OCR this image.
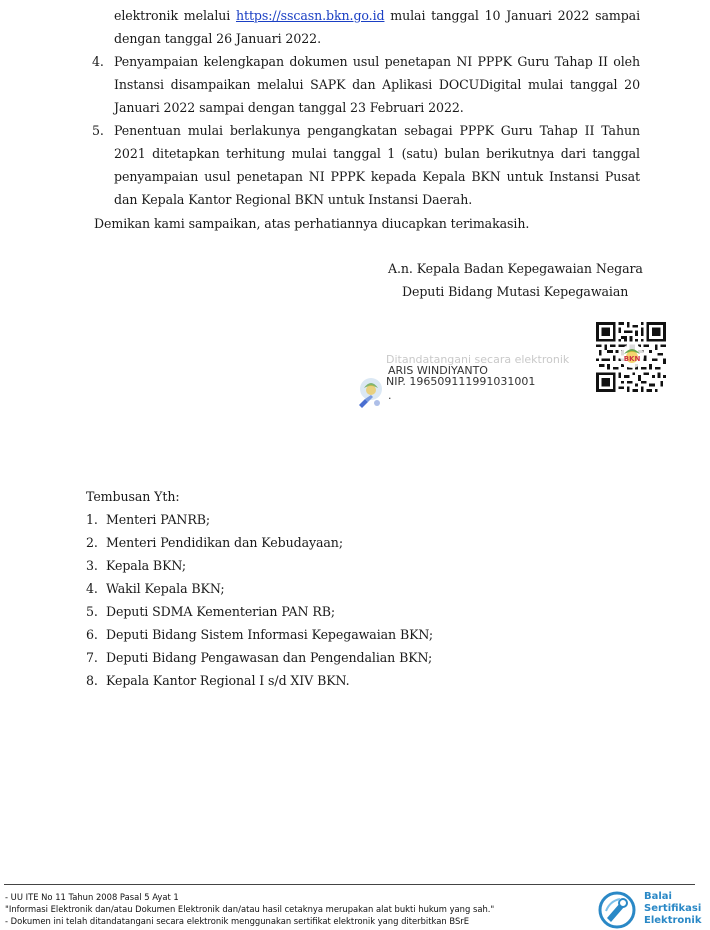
elektronik melalui https://sscasn.bkn.go.id mulai tanggal 10 Januari 2022 sampai
dengan tanggal 26 Januari 2022.
4. Penyampaian kelengkapan dokumen usul penetapan NI PPPK Guru Tahap II oleh
Instansi disampaikan melalui SAPK dan Aplikasi DOCUDigital mulai tanggal 20
Januari 2022 sampai dengan tanggal 23 Februari 2022.
5. Penentuan mulai berlakunya pengangkatan sebagai PPPK Guru Tahap II Tahun
2021 ditetapkan terhitung mulai tanggal 1 (satu) bulan berikutnya dari tanggal
penyampaian usul penetapan NI PPPK kepada Kepala BKN untuk Instansi Pusat
dan Kepala Kantor Regional BKN untuk Instansi Daerah.
Demikan kami sampaikan, atas perhatiannya diucapkan terimakasih.
A.n. Kepala Badan Kepegawaian Negara
Deputi Bidang Mutasi Kepegawaian
BKN
Ditandatangani secara elektronik
ARIS WINDIYANTO
NIP. 196509111991031001
.
Tembusan Yth:
1. Menteri PANRB;
2. Menteri Pendidikan dan Kebudayaan;
3. Kepala BKN;
4. Wakil Kepala BKN;
5. Deputi SDMA Kementerian PAN RB;
6. Deputi Bidang Sistem Informasi Kepegawaian BKN;
7. Deputi Bidang Pengawasan dan Pengendalian BKN;
8. Kepala Kantor Regional I s/d XIV BKN.
- UU ITE No 11 Tahun 2008 Pasal 5 Ayat 1
"Informasi Elektronik dan/atau Dokumen Elektronik dan/atau hasil cetaknya merupakan alat bukti hukum yang sah."
- Dokumen ini telah ditandatangani secara elektronik menggunakan sertifikat elektronik yang diterbitkan BSrE
Balai
Sertifikasi
Elektronik
